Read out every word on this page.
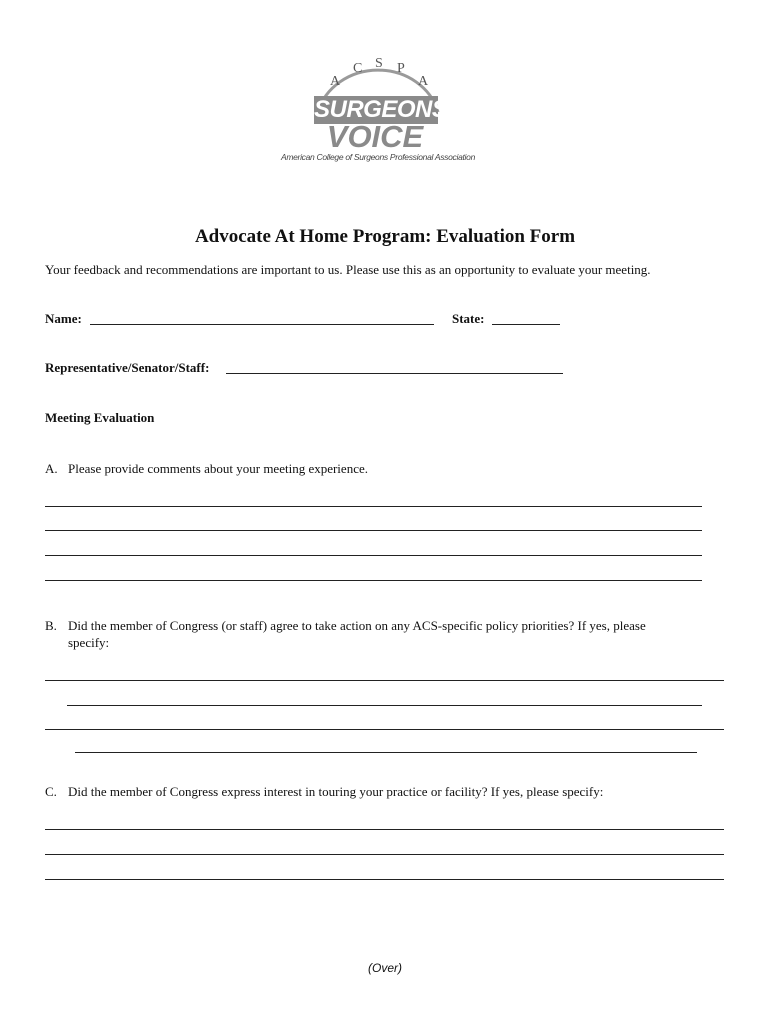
A
C S P
A
SURGEONS
VOICE
American College of Surgeons Professional Association
Advocate At Home Program: Evaluation Form
Your feedback and recommendations are important to us. Please use this as an opportunity to evaluate your meeting.
Name:	State:
Representative/Senator/Staff:
Meeting Evaluation
A. Please provide comments about your meeting experience.
B. Did the member of Congress (or staff) agree to take action on any ACS-specific policy priorities? If yes, please
specify:
C. Did the member of Congress express interest in touring your practice or facility? If yes, please specify:
(Over)
